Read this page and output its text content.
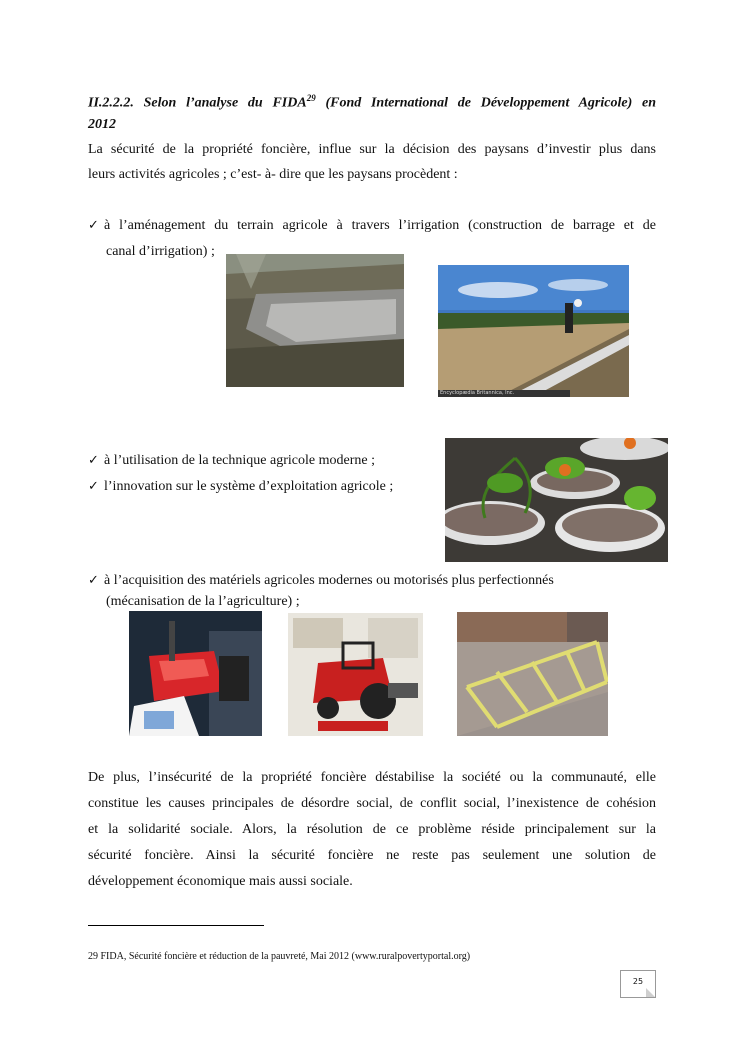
II.2.2.2. Selon l’analyse du FIDA$^{29}$ (Fond International de Développement Agricole) en
2012
La sécurité de la propriété foncière, influe sur la décision des paysans d’investir plus dans
leurs activités agricoles ; c’est- à- dire que les paysans procèdent :
✓ à l’aménagement du terrain agricole à travers l’irrigation (construction de barrage et de
canal d’irrigation) ;
Encyclopædia Britannica, Inc.
✓ à l’utilisation de la technique agricole moderne ;
✓ l’innovation sur le système d’exploitation agricole ;
✓ à l’acquisition des matériels agricoles modernes ou motorisés plus perfectionnés
(mécanisation de la l’agriculture) ;
De plus, l’insécurité de la propriété foncière déstabilise la société ou la communauté, elle
constitue les causes principales de désordre social, de conflit social, l’inexistence de cohésion
et la solidarité sociale. Alors, la résolution de ce problème réside principalement sur la
sécurité foncière. Ainsi la sécurité foncière ne reste pas seulement une solution de
développement économique mais aussi sociale.
29 FIDA, Sécurité foncière et réduction de la pauvreté, Mai 2012 (www.ruralpovertyportal.org)
25
